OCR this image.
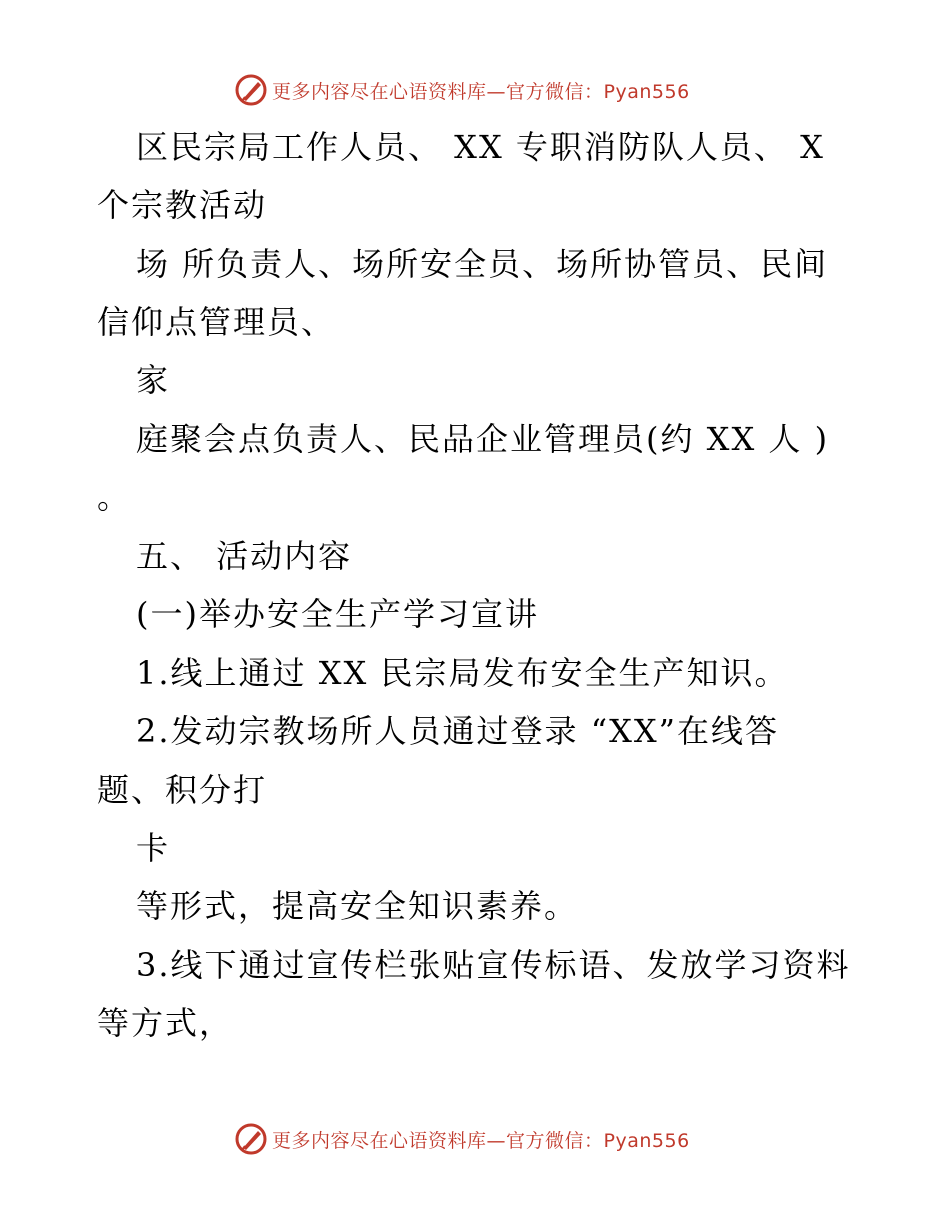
更多内容尽在心语资料库—官方微信：Pyan556
区民宗局工作人员、 XX 专职消防队人员、 X
个宗教活动
场 所负责人、场所安全员、场所协管员、民间
信仰点管理员、
家
庭聚会点负责人、民品企业管理员(约 XX 人 )
。
五、 活动内容
(一)举办安全生产学习宣讲
1.线上通过 XX 民宗局发布安全生产知识。
2.发动宗教场所人员通过登录 “XX”在线答
题、积分打
卡
等形式，提高安全知识素养。
3.线下通过宣传栏张贴宣传标语、发放学习资料
等方式，
更多内容尽在心语资料库—官方微信：Pyan556
